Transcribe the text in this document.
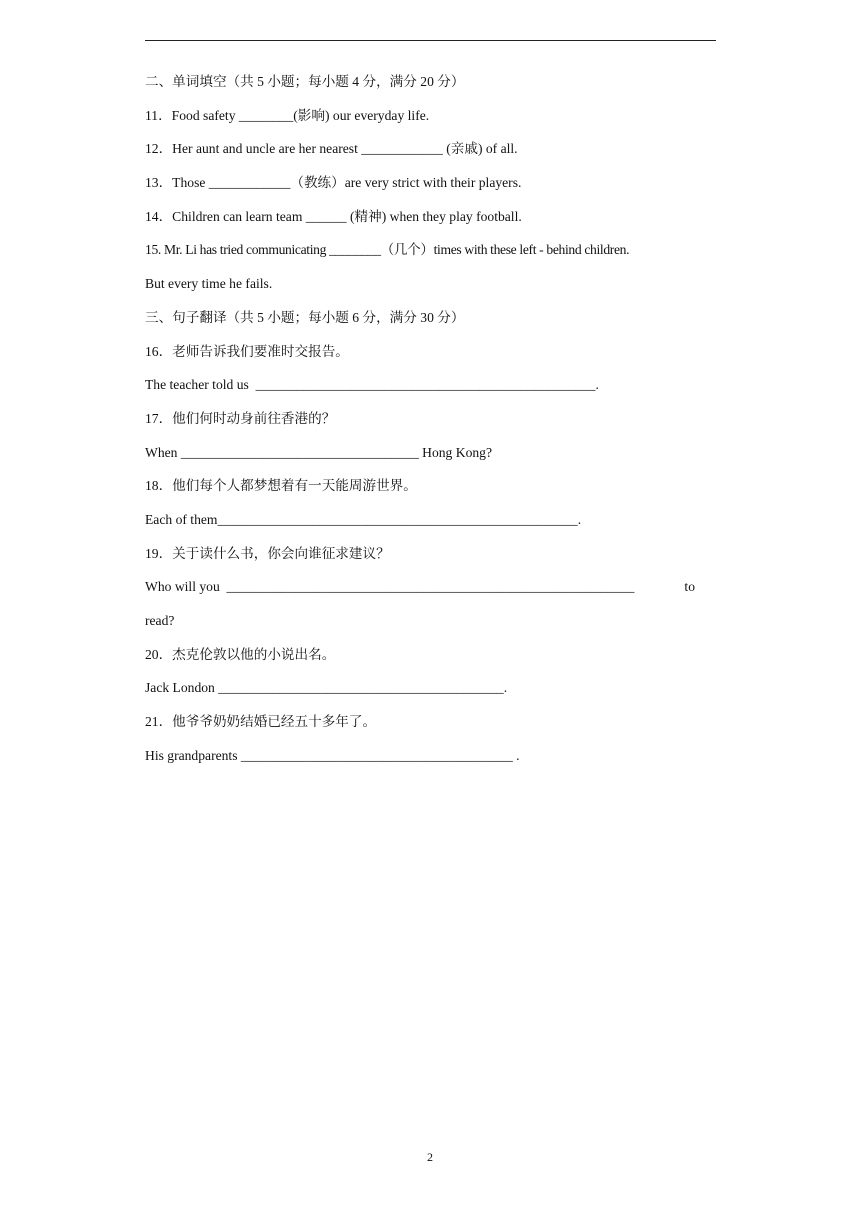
二、单词填空（共 5 小题；每小题 4 分，满分 20 分）
11．Food safety ________(影响) our everyday life.
12．Her aunt and uncle are her nearest ____________ (亲戚) of all.
13．Those ____________（教练）are very strict with their players.
14．Children can learn team ______ (精神) when they play football.
15. Mr. Li has tried communicating ________（几个）times with these left - behind children.
But every time he fails.
三、句子翻译（共 5 小题；每小题 6 分，满分 30 分）
16．老师告诉我们要准时交报告。
The teacher told us  __________________________________________________.
17．他们何时动身前往香港的？
When ___________________________________ Hong Kong?
18．他们每个人都梦想着有一天能周游世界。
Each of them_____________________________________________________.
19．关于读什么书，你会向谁征求建议？
Who will you  ____________________________________________________________	to
read?
20．杰克伦敦以他的小说出名。
Jack London __________________________________________.
21．他爷爷奶奶结婚已经五十多年了。
His grandparents ________________________________________ .
2
